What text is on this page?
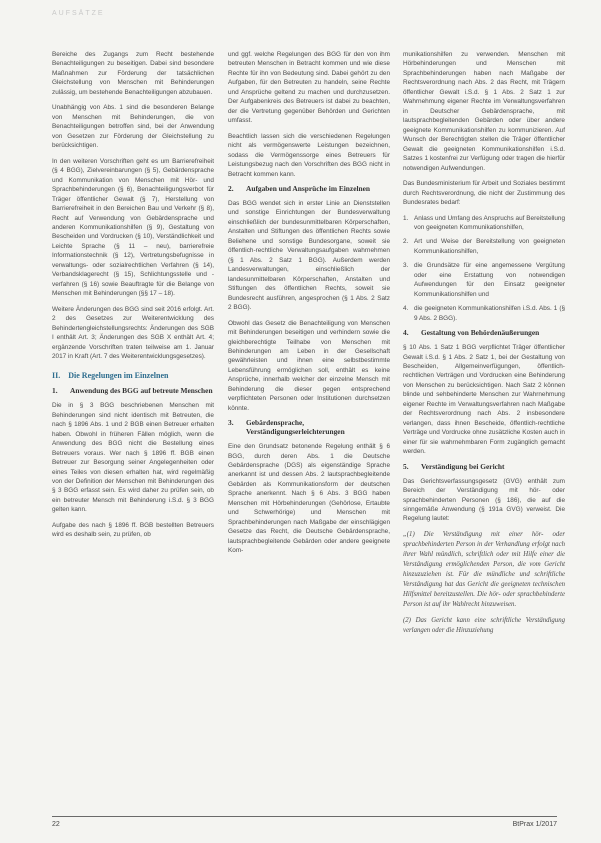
AUFSÄTZE

Bereiche des Zugangs zum Recht bestehende Benachteiligungen zu beseitigen. Dabei sind besondere Maßnahmen zur Förderung der tatsächlichen Gleichstellung von Menschen mit Behinderungen zulässig, um bestehende Benachteiligungen abzubauen.

Unabhängig von Abs. 1 sind die besonderen Belange von Menschen mit Behinderungen, die von Benachteiligungen betroffen sind, bei der Anwendung von Gesetzen zur Förderung der Gleichstellung zu berücksichtigen.

In den weiteren Vorschriften geht es um Barrierefreiheit (§ 4 BGG), Zielvereinbarungen (§ 5), Gebärdensprache und Kommunikation von Menschen mit Hör- und Sprachbehinderungen (§ 6), Benachteiligungsverbot für Träger öffentlicher Gewalt (§ 7), Herstellung von Barrierefreiheit in den Bereichen Bau und Verkehr (§ 8), Recht auf Verwendung von Gebärdensprache und anderen Kommunikationshilfen (§ 9), Gestaltung von Bescheiden und Vordrucken (§ 10), Verständlichkeit und Leichte Sprache (§ 11 – neu), barrierefreie Informationstechnik (§ 12), Vertretungsbefugnisse in verwaltungs- oder sozialrechtlichen Verfahren (§ 14), Verbandsklagerecht (§ 15), Schlichtungsstelle und -verfahren (§ 16) sowie Beauftragte für die Belange von Menschen mit Behinderungen (§§ 17 – 18).

Weitere Änderungen des BGG sind seit 2016 erfolgt. Art. 2 des Gesetzes zur Weiterentwicklung des Behindertengleichstellungsrechts: Änderungen des SGB I enthält Art. 3; Änderungen des SGB X enthält Art. 4; ergänzende Vorschriften traten teilweise am 1. Januar 2017 in Kraft (Art. 7 des Weiterentwicklungsgesetzes).

II. Die Regelungen im Einzelnen
1.	Anwendung des BGG auf betreute Menschen

Die in § 3 BGG beschriebenen Menschen mit Behinderungen sind nicht identisch mit Betreuten, die nach § 1896 Abs. 1 und 2 BGB einen Betreuer erhalten haben. Obwohl in früheren Fällen möglich, wenn die Anwendung des BGG nicht die Bestellung eines Betreuers voraus. Wer nach § 1896 ff. BGB einen Betreuer zur Besorgung seiner Angelegenheiten oder eines Teiles von diesen erhalten hat, wird regelmäßig von der Definition der Menschen mit Behinderungen des § 3 BGG erfasst sein. Es wird daher zu prüfen sein, ob ein betreuter Mensch mit Behinderung i.S.d. § 3 BGG gelten kann.

Aufgabe des nach § 1896 ff. BGB bestellten Betreuers wird es deshalb sein, zu prüfen, ob

und ggf. welche Regelungen des BGG für den von ihm betreuten Menschen in Betracht kommen und wie diese Rechte für ihn von Bedeutung sind. Dabei gehört zu den Aufgaben, für den Betreuten zu handeln, seine Rechte und Ansprüche geltend zu machen und durchzusetzen. Der Aufgabenkreis des Betreuers ist dabei zu beachten, der die Vertretung gegenüber Behörden und Gerichten umfasst.

Beachtlich lassen sich die verschiedenen Regelungen nicht als vermögenswerte Leistungen bezeichnen, sodass die Vermögenssorge eines Betreuers für Leistungsbezug nach den Vorschriften des BGG nicht in Betracht kommen kann.

2.	Aufgaben und Ansprüche im Einzelnen

Das BGG wendet sich in erster Linie an Dienststellen und sonstige Einrichtungen der Bundesverwaltung einschließlich der bundesunmittelbaren Körperschaften, Anstalten und Stiftungen des öffentlichen Rechts sowie Beliehene und sonstige Bundesorgane, soweit sie öffentlich-rechtliche Verwaltungsaufgaben wahrnehmen (§ 1 Abs. 2 Satz 1 BGG). Außerdem werden Landesverwaltungen, einschließlich der landesunmittelbaren Körperschaften, Anstalten und Stiftungen des öffentlichen Rechts, soweit sie Bundesrecht ausführen, angesprochen (§ 1 Abs. 2 Satz 2 BGG).

Obwohl das Gesetz die Benachteiligung von Menschen mit Behinderungen beseitigen und verhindern sowie die gleichberechtigte Teilhabe von Menschen mit Behinderungen am Leben in der Gesellschaft gewährleisten und ihnen eine selbstbestimmte Lebensführung ermöglichen soll, enthält es keine Ansprüche, innerhalb welcher der einzelne Mensch mit Behinderung die dieser gegen entsprechend verpflichteten Personen oder Institutionen durchsetzen könnte.

3.	Gebärdensprache, Verständigungserleichterungen

Eine den Grundsatz betonende Regelung enthält § 6 BGG, durch deren Abs. 1 die Deutsche Gebärdensprache (DGS) als eigenständige Sprache anerkannt ist und dessen Abs. 2 lautsprachbegleitende Gebärden als Kommunikationsform der deutschen Sprache anerkennt. Nach § 6 Abs. 3 BGG haben Menschen mit Hörbehinderungen (Gehörlose, Ertaubte und Schwerhörige) und Menschen mit Sprachbehinderungen nach Maßgabe der einschlägigen Gesetze das Recht, die Deutsche Gebärdensprache, lautsprachbegleitende Gebärden oder andere geeignete Kom-

munikationshilfen zu verwenden. Menschen mit Hörbehinderungen und Menschen mit Sprachbehinderungen haben nach Maßgabe der Rechtsverordnung nach Abs. 2 das Recht, mit Trägern öffentlicher Gewalt i.S.d. § 1 Abs. 2 Satz 1 zur Wahrnehmung eigener Rechte im Verwaltungsverfahren in Deutscher Gebärdensprache, mit lautsprachbegleitenden Gebärden oder über andere geeignete Kommunikationshilfen zu kommunizieren. Auf Wunsch der Berechtigten stellen die Träger öffentlicher Gewalt die geeigneten Kommunikationshilfen i.S.d. Satzes 1 kostenfrei zur Verfügung oder tragen die hierfür notwendigen Aufwendungen.

Das Bundesministerium für Arbeit und Soziales bestimmt durch Rechtsverordnung, die nicht der Zustimmung des Bundesrates bedarf:

1. Anlass und Umfang des Anspruchs auf Bereitstellung von geeigneten Kommunikationshilfen,
2. Art und Weise der Bereitstellung von geeigneten Kommunikationshilfen,
3. die Grundsätze für eine angemessene Vergütung oder eine Erstattung von notwendigen Aufwendungen für den Einsatz geeigneter Kommunikationshilfen und
4. die geeigneten Kommunikationshilfen i.S.d. Abs. 1 (§ 9 Abs. 2 BGG).
4.	Gestaltung von Behördenäußerungen

§ 10 Abs. 1 Satz 1 BGG verpflichtet Träger öffentlicher Gewalt i.S.d. § 1 Abs. 2 Satz 1, bei der Gestaltung von Bescheiden, Allgemeinverfügungen, öffentlich-rechtlichen Verträgen und Vordrucken eine Behinderung von Menschen zu berücksichtigen. Nach Satz 2 können blinde und sehbehinderte Menschen zur Wahrnehmung eigener Rechte im Verwaltungsverfahren nach Maßgabe der Rechtsverordnung nach Abs. 2 insbesondere verlangen, dass ihnen Bescheide, öffentlich-rechtliche Verträge und Vordrucke ohne zusätzliche Kosten auch in einer für sie wahrnehmbaren Form zugänglich gemacht werden.

5.	Verständigung bei Gericht

Das Gerichtsverfassungsgesetz (GVG) enthält zum Bereich der Verständigung mit hör- oder sprachbehinderten Personen (§ 186), die auf die sinngemäße Anwendung (§ 191a GVG) verweist. Die Regelung lautet:

„(1) Die Verständigung mit einer hör- oder sprachbehinderten Person in der Verhandlung erfolgt nach ihrer Wahl mündlich, schriftlich oder mit Hilfe einer die Verständigung ermöglichenden Person, die vom Gericht hinzuzuziehen ist. Für die mündliche und schriftliche Verständigung hat das Gericht die geeigneten technischen Hilfsmittel bereitzustellen. Die hör- oder sprachbehinderte Person ist auf ihr Wahlrecht hinzuweisen.

(2) Das Gericht kann eine schriftliche Verständigung verlangen oder die Hinzuziehung

22	BtPrax 1/2017
